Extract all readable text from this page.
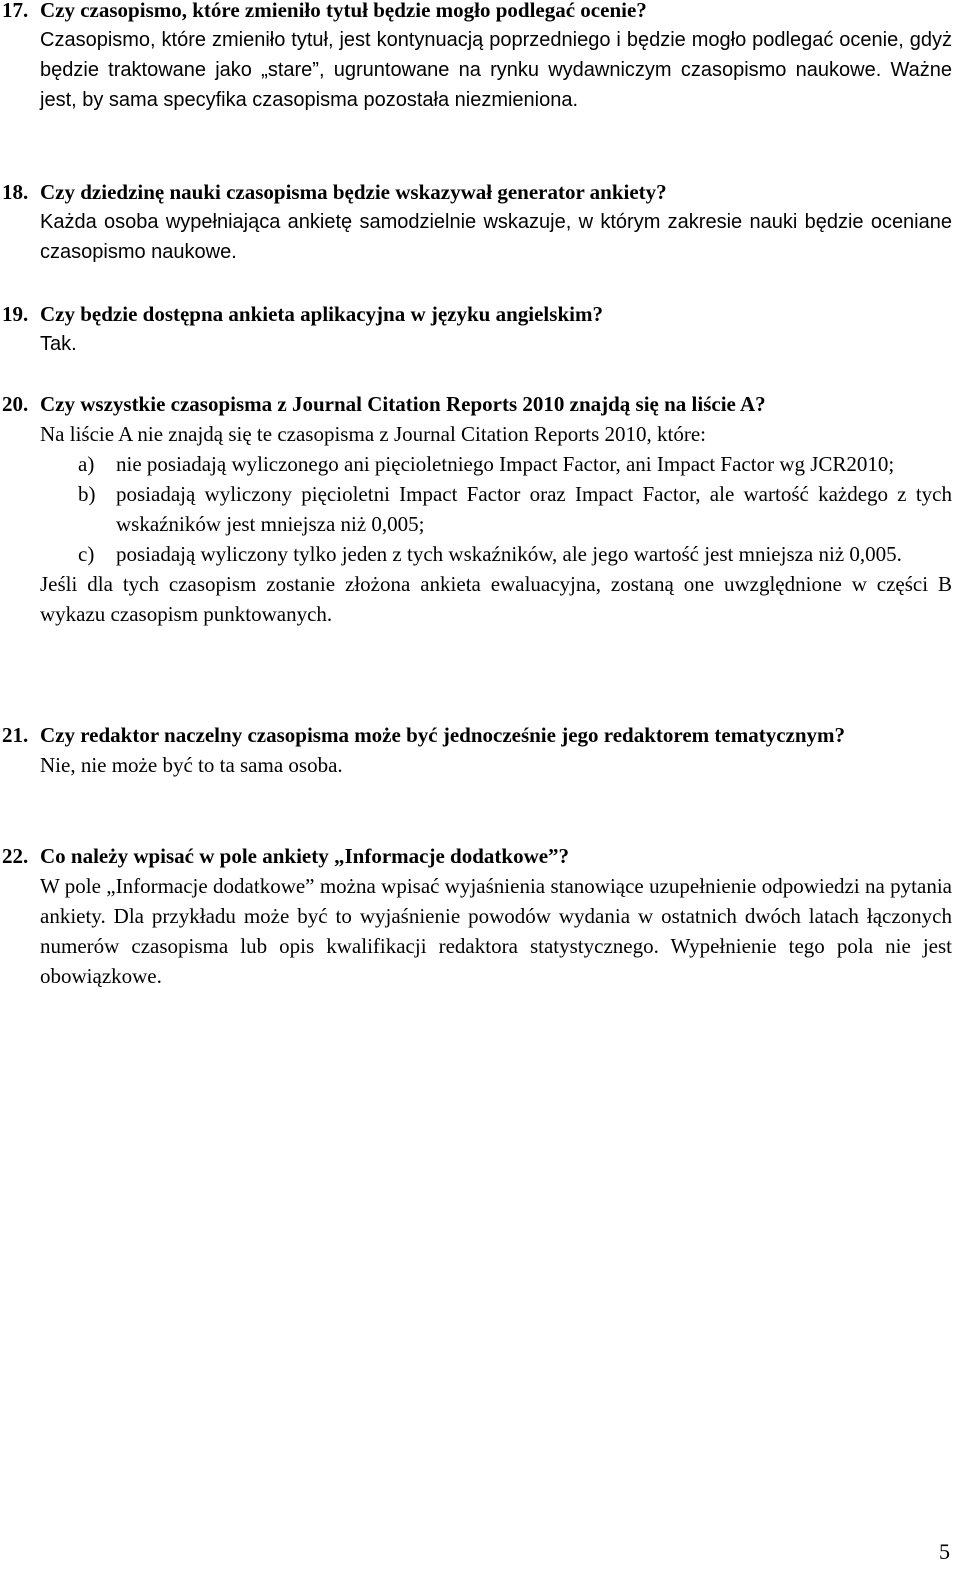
17. Czy czasopismo, które zmieniło tytuł będzie mogło podlegać ocenie?
Czasopismo, które zmieniło tytuł, jest kontynuacją poprzedniego i będzie mogło podlegać ocenie, gdyż będzie traktowane jako „stare”, ugruntowane na rynku wydawniczym czasopismo naukowe. Ważne jest, by sama specyfika czasopisma pozostała niezmieniona.
18. Czy dziedzinę nauki czasopisma będzie wskazywał generator ankiety?
Każda osoba wypełniająca ankietę samodzielnie wskazuje, w którym zakresie nauki będzie oceniane czasopismo naukowe.
19. Czy będzie dostępna ankieta aplikacyjna w języku angielskim?
Tak.
20. Czy wszystkie czasopisma z Journal Citation Reports 2010 znajdą się na liście A?
Na liście A nie znajdą się te czasopisma z Journal Citation Reports 2010, które:
a)	nie posiadają wyliczonego ani pięcioletniego Impact Factor, ani Impact Factor wg JCR2010;
b) posiadają wyliczony pięcioletni Impact Factor oraz Impact Factor, ale wartość każdego z tych wskaźników jest mniejsza niż 0,005;
c)	posiadają wyliczony tylko jeden z tych wskaźników, ale jego wartość jest mniejsza niż 0,005.
Jeśli dla tych czasopism zostanie złożona ankieta ewaluacyjna, zostaną one uwzględnione w części B wykazu czasopism punktowanych.
21. Czy redaktor naczelny czasopisma może być jednocześnie jego redaktorem tematycznym?
Nie, nie może być to ta sama osoba.
22. Co należy wpisać w pole ankiety „Informacje dodatkowe”?
W pole „Informacje dodatkowe” można wpisać wyjaśnienia stanowiące uzupełnienie odpowiedzi na pytania ankiety. Dla przykładu może być to wyjaśnienie powodów wydania w ostatnich dwóch latach łączonych numerów czasopisma lub opis kwalifikacji redaktora statystycznego. Wypełnienie tego pola nie jest obowiązkowe.
5
